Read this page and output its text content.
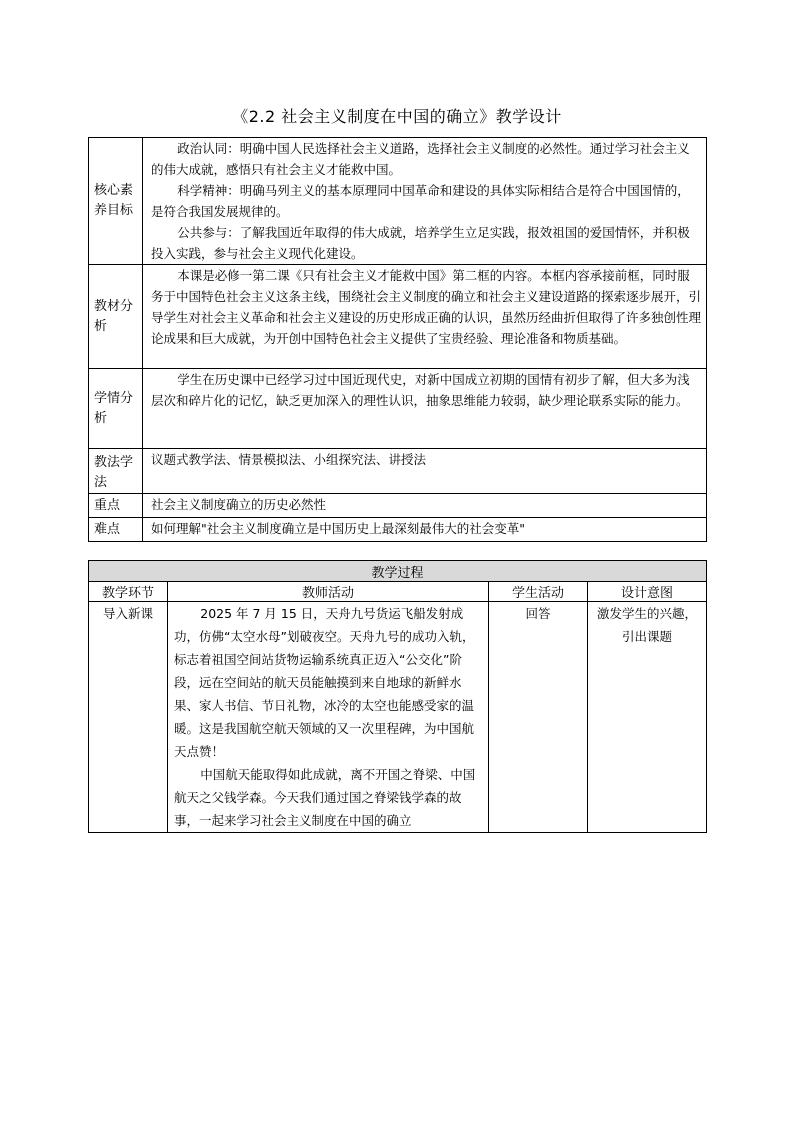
《2.2 社会主义制度在中国的确立》教学设计
核心素养目标	政治认同：明确中国人民选择社会主义道路，选择社会主义制度的必然性。通过学习社会主义的伟大成就，感悟只有社会主义才能救中国。

科学精神：明确马列主义的基本原理同中国革命和建设的具体实际相结合是符合中国国情的，是符合我国发展规律的。

公共参与：了解我国近年取得的伟大成就，培养学生立足实践，报效祖国的爱国情怀，并积极投入实践，参与社会主义现代化建设。

教材分析	本课是必修一第二课《只有社会主义才能救中国》第二框的内容。本框内容承接前框，同时服务于中国特色社会主义这条主线，围绕社会主义制度的确立和社会主义建设道路的探索逐步展开，引导学生对社会主义革命和社会主义建设的历史形成正确的认识，虽然历经曲折但取得了许多独创性理论成果和巨大成就，为开创中国特色社会主义提供了宝贵经验、理论准备和物质基础。

学情分析	学生在历史课中已经学习过中国近现代史，对新中国成立初期的国情有初步了解，但大多为浅层次和碎片化的记忆，缺乏更加深入的理性认识，抽象思维能力较弱，缺少理论联系实际的能力。

教法学法	议题式教学法、情景模拟法、小组探究法、讲授法
重点	社会主义制度确立的历史必然性
难点	如何理解"社会主义制度确立是中国历史上最深刻最伟大的社会变革"
教学过程			
教学环节	教师活动	学生活动	设计意图
导入新课	2025 年 7 月 15 日，天舟九号货运飞船发射成功，仿佛“太空水母”划破夜空。天舟九号的成功入轨，标志着祖国空间站货物运输系统真正迈入“公交化”阶段，远在空间站的航天员能触摸到来自地球的新鲜水果、家人书信、节日礼物，冰冷的太空也能感受家的温暖。这是我国航空航天领域的又一次里程碑，为中国航天点赞！

中国航天能取得如此成就，离不开国之脊梁、中国航天之父钱学森。今天我们通过国之脊梁钱学森的故事，一起来学习社会主义制度在中国的确立	回答	激发学生的兴趣，引出课题
